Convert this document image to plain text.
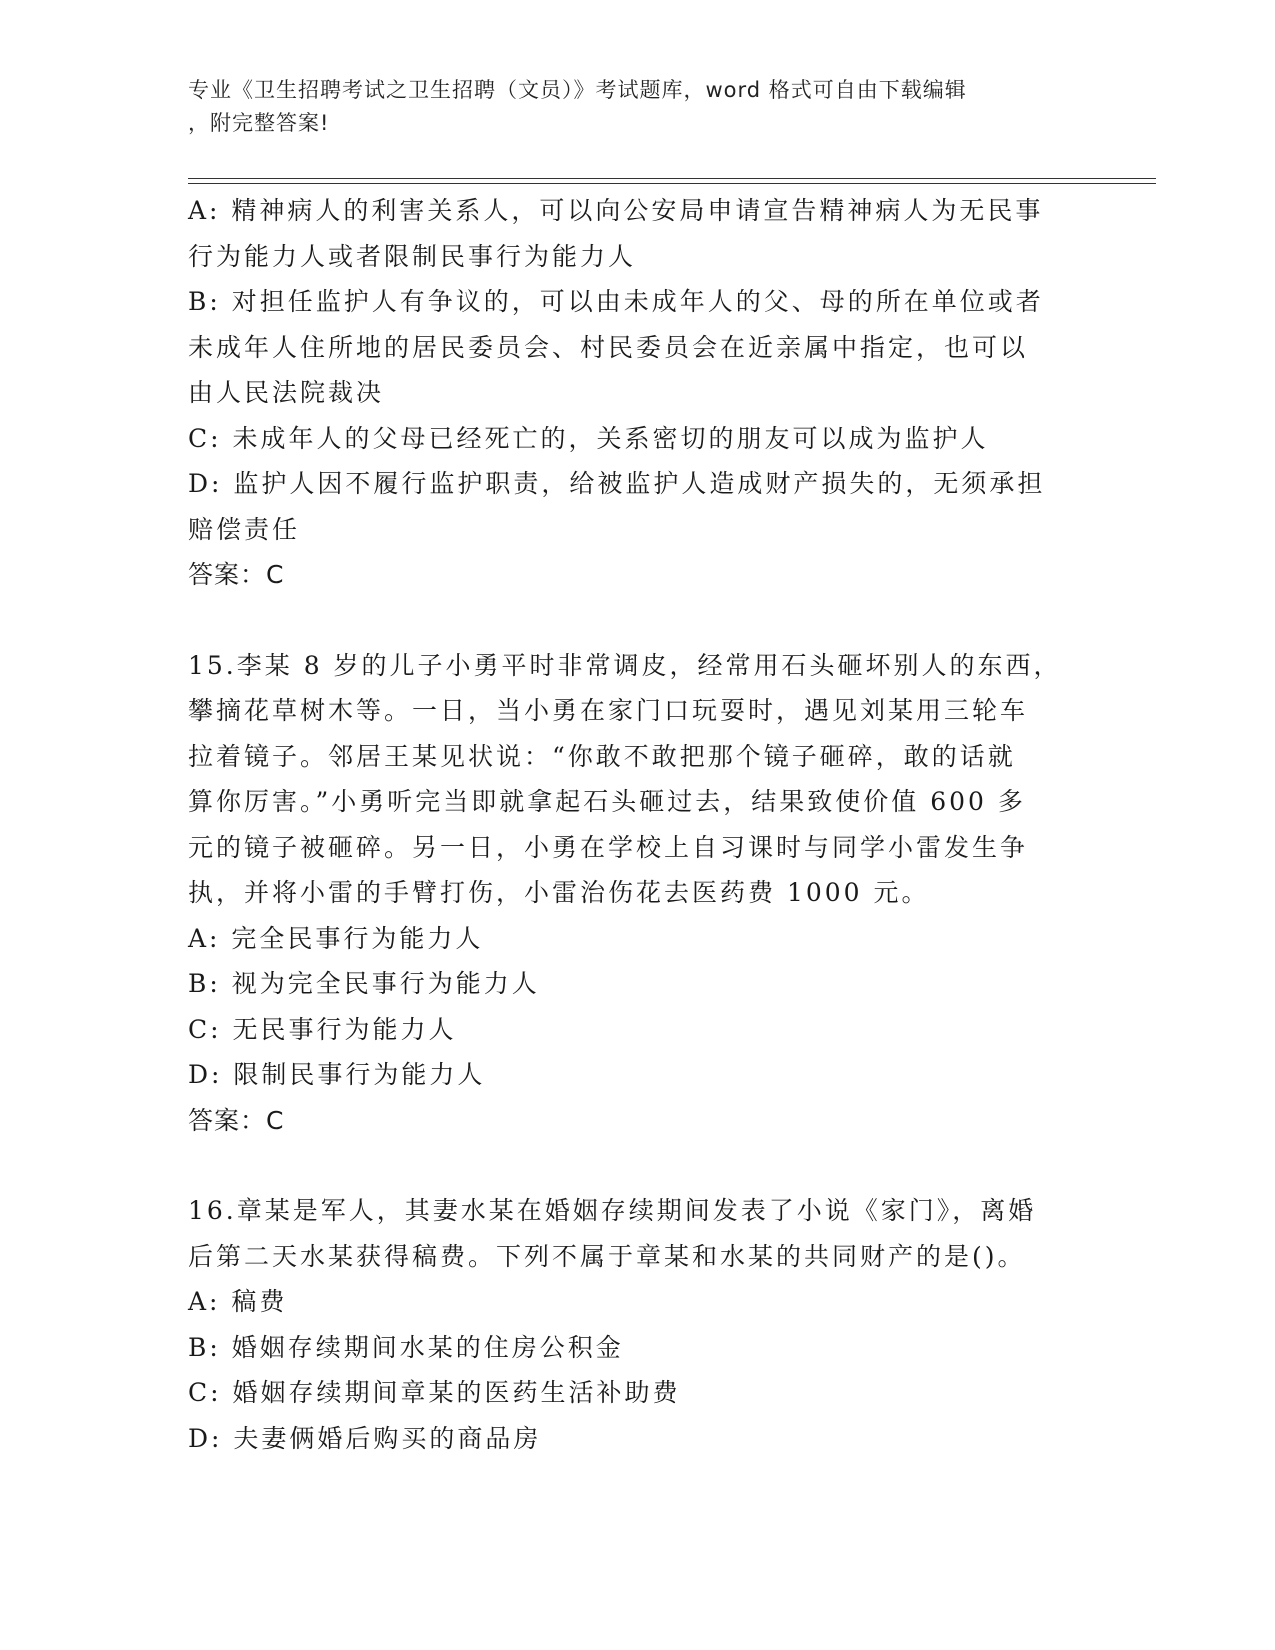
专业《卫生招聘考试之卫生招聘（文员）》考试题库，word 格式可自由下载编辑
，附完整答案!

A: 精神病人的利害关系人，可以向公安局申请宣告精神病人为无民事

行为能力人或者限制民事行为能力人

B: 对担任监护人有争议的，可以由未成年人的父、母的所在单位或者

未成年人住所地的居民委员会、村民委员会在近亲属中指定，也可以

由人民法院裁决

C: 未成年人的父母已经死亡的，关系密切的朋友可以成为监护人

D: 监护人因不履行监护职责，给被监护人造成财产损失的，无须承担

赔偿责任

答案：C

15.李某 8 岁的儿子小勇平时非常调皮，经常用石头砸坏别人的东西，

攀摘花草树木等。一日，当小勇在家门口玩耍时，遇见刘某用三轮车

拉着镜子。邻居王某见状说：“你敢不敢把那个镜子砸碎，敢的话就

算你厉害。”小勇听完当即就拿起石头砸过去，结果致使价值 600 多

元的镜子被砸碎。另一日，小勇在学校上自习课时与同学小雷发生争

执，并将小雷的手臂打伤，小雷治伤花去医药费 1000 元。

A: 完全民事行为能力人

B: 视为完全民事行为能力人

C: 无民事行为能力人

D: 限制民事行为能力人

答案：C

16.章某是军人，其妻水某在婚姻存续期间发表了小说《家门》，离婚

后第二天水某获得稿费。下列不属于章某和水某的共同财产的是()。

A: 稿费

B: 婚姻存续期间水某的住房公积金

C: 婚姻存续期间章某的医药生活补助费

D: 夫妻俩婚后购买的商品房
